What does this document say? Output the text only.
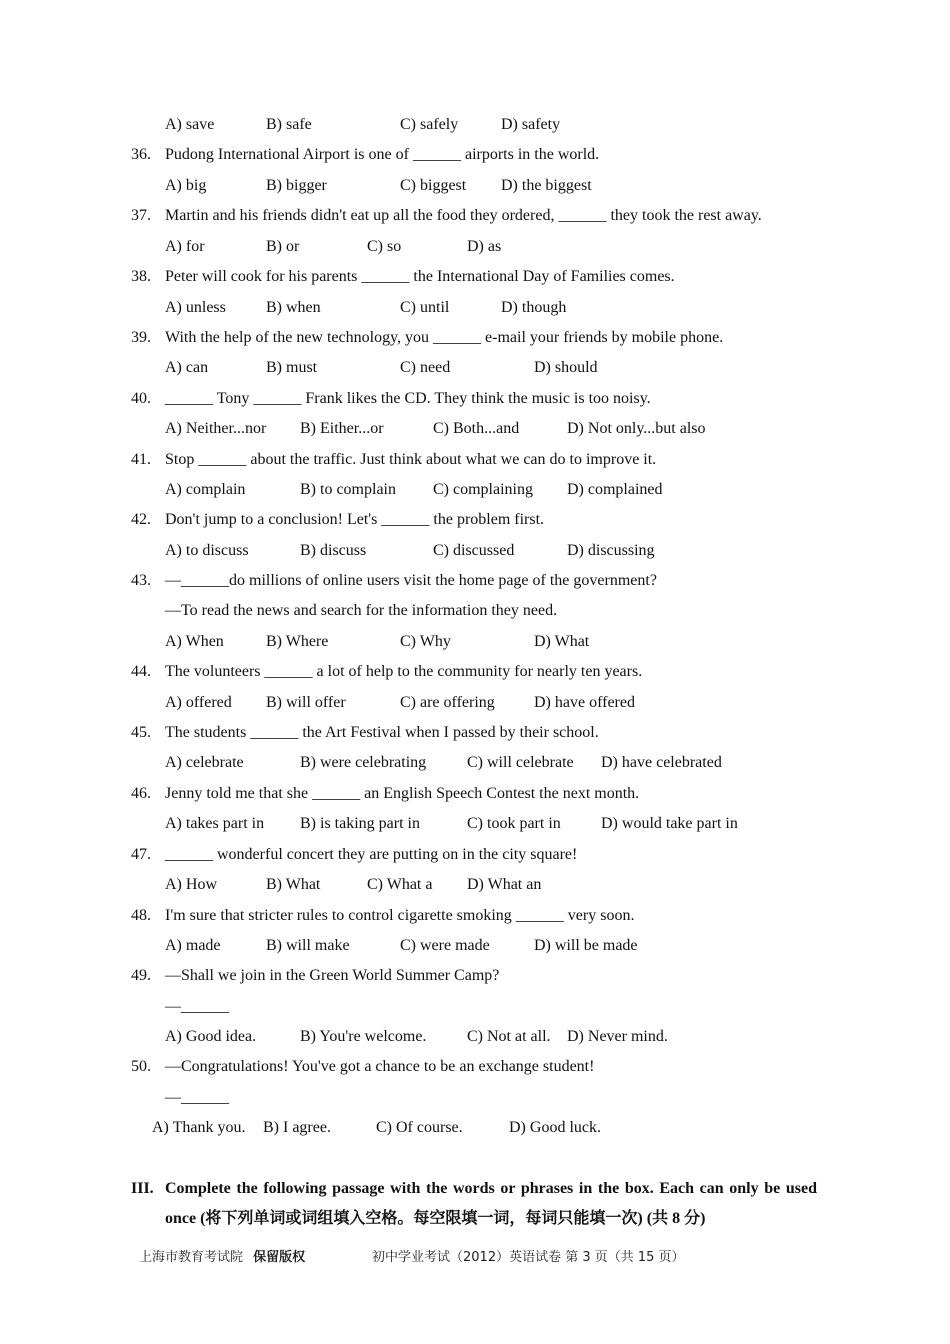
A) save	B) safe	C) safely	D) safety
36. Pudong International Airport is one of ______ airports in the world.
A) big	B) bigger	C) biggest D) the biggest
37. Martin and his friends didn't eat up all the food they ordered, ______ they took the rest away.
A) for	B) or	C) so	D) as
38. Peter will cook for his parents ______ the International Day of Families comes.
A) unless	B) when	C) until	D) though
39. With the help of the new technology, you ______ e-mail your friends by mobile phone.
A) can	B) must	C) need	D) should
40. ______ Tony ______ Frank likes the CD. They think the music is too noisy.
A) Neither...nor B) Either...or	C) Both...and	D) Not only...but also
41. Stop ______ about the traffic. Just think about what we can do to improve it.
A) complain	B) to complain C) complaining D) complained
42. Don't jump to a conclusion! Let's ______ the problem first.
A) to discuss	B) discuss	C) discussed	D) discussing
43. —______do millions of online users visit the home page of the government?
—To read the news and search for the information they need.
A) When	B) Where	C) Why	D) What
44. The volunteers ______ a lot of help to the community for nearly ten years.
A) offered B) will offer	C) are offering D) have offered
45. The students ______ the Art Festival when I passed by their school.
A) celebrate	B) were celebrating	C) will celebrate D) have celebrated
46. Jenny told me that she ______ an English Speech Contest the next month.
A) takes part in B) is taking part in	C) took part in	D) would take part in
47. ______ wonderful concert they are putting on in the city square!
A) How	B) What	C) What a D) What an
48. I'm sure that stricter rules to control cigarette smoking ______ very soon.
A) made	B) will make	C) were made	D) will be made
49. —Shall we join in the Green World Summer Camp?
—______
A) Good idea.	B) You're welcome.	C) Not at all. D) Never mind.
50. —Congratulations! You've got a chance to be an exchange student!
—______
A) Thank you. B) I agree.	C) Of course.	D) Good luck.
III. Complete the following passage with the words or phrases in the box. Each can only be used once (将下列单词或词组填入空格。每空限填一词，每词只能填一次) (共 8 分)
上海市教育考试院 保留版权	初中学业考试（2012）英语试卷 第 3 页（共 15 页）
